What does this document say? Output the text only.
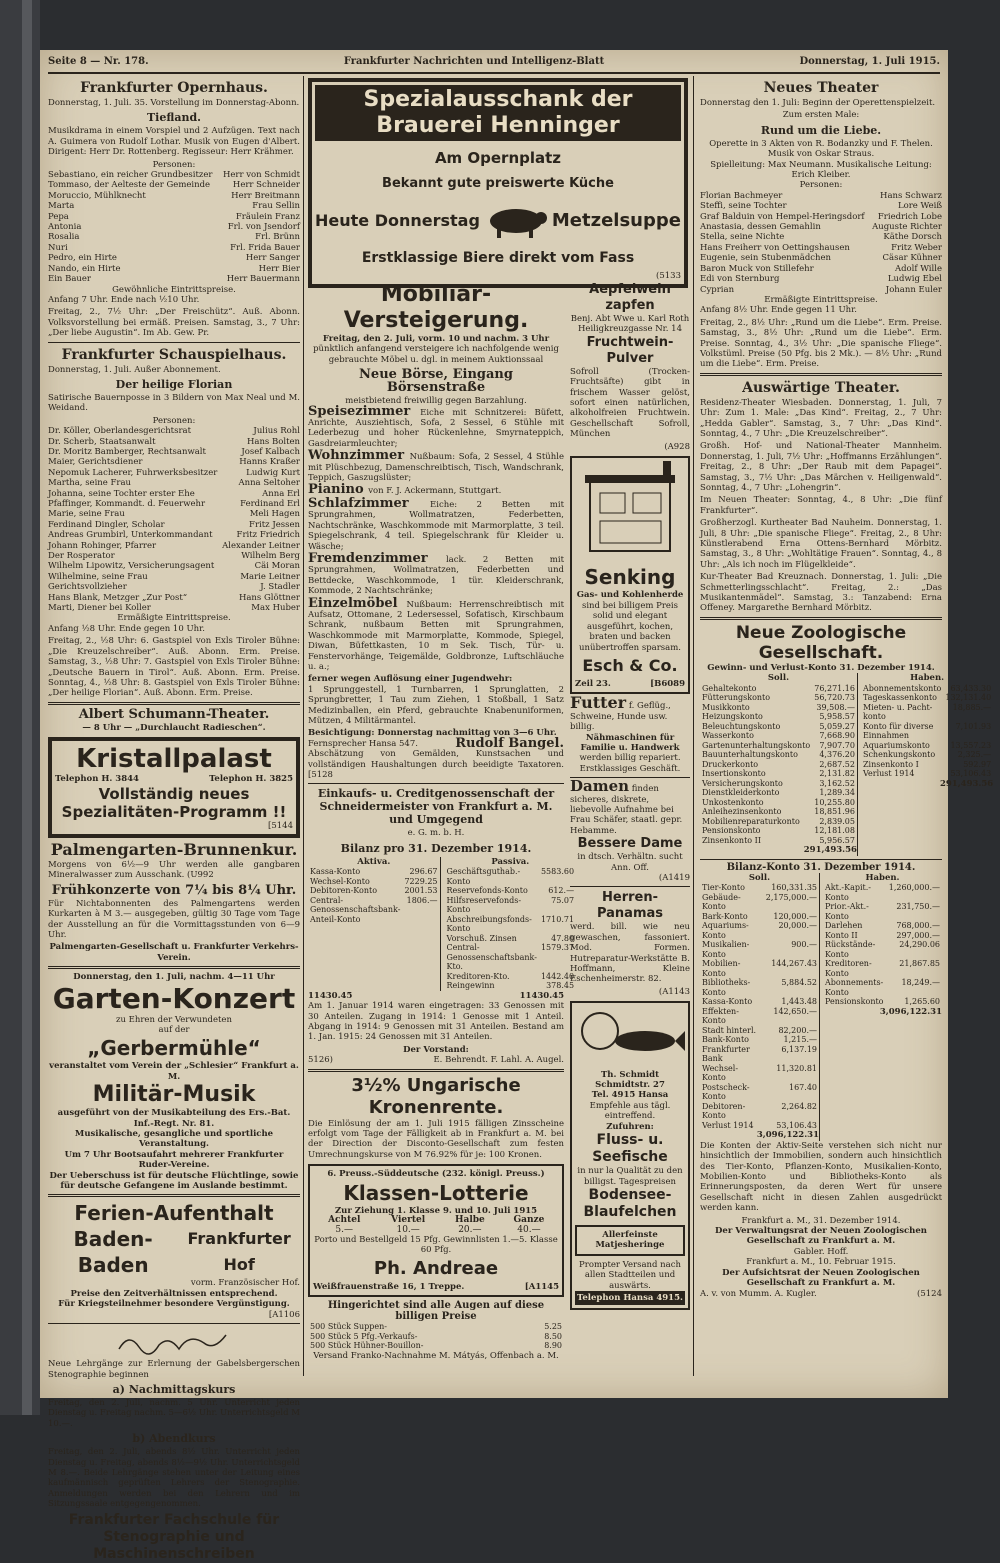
Seite 8 — Nr. 178.	Frankfurter Nachrichten und Intelligenz-Blatt	Donnerstag, 1. Juli 1915.
Frankfurter Opernhaus.
Donnerstag, 1. Juli. 35. Vorstellung im Donnerstag-Abonn.
Tiefland.
Musikdrama in einem Vorspiel und 2 Aufzügen. Text nach A. Guimera von Rudolf Lothar. Musik von Eugen d'Albert. Dirigent: Herr Dr. Rottenberg. Regisseur: Herr Krähmer.
Personen:
Sebastiano, ein reicher Grundbesitzer Herr von Schmidt
Tommaso, der Aelteste der Gemeinde	Herr Schneider
Moruccio, Mühlknecht	Herr Breitmann
Marta	Frau Sellin
Pepa	Fräulein Franz
Antonia	Frl. von Jsendorf
Rosalia	Frl. Brünn
Nuri	Frl. Frida Bauer
Pedro, ein Hirte	Herr Sanger
Nando, ein Hirte	Herr Bier
Ein Bauer	Herr Bauermann
Gewöhnliche Eintrittspreise.
Anfang 7 Uhr. Ende nach ½10 Uhr.
Freitag, 2., 7½ Uhr: „Der Freischütz“. Auß. Abonn. Volksvorstellung bei ermäß. Preisen. Samstag, 3., 7 Uhr: „Der liebe Augustin“. Im Ab. Gew. Pr.
Frankfurter Schauspielhaus.
Donnerstag, 1. Juli. Außer Abonnement.
Der heilige Florian
Satirische Bauernposse in 3 Bildern von Max Neal und M. Weidand.
Personen:
Dr. Köller, Oberlandesgerichtsrat	Julius Rohl
Dr. Scherb, Staatsanwalt	Hans Bolten
Dr. Moritz Bamberger, Rechtsanwalt	Josef Kalbach
Maier, Gerichtsdiener	Hanns Kraßer
Nepomuk Lacherer, Fuhrwerksbesitzer	Ludwig Kurt
Martha, seine Frau	Anna Seltoher
Johanna, seine Tochter erster Ehe	Anna Erl
Pfaffinger, Kommandt. d. Feuerwehr	Ferdinand Erl
Marie, seine Frau	Meli Hagen
Ferdinand Dingler, Scholar	Fritz Jessen
Andreas Grumbirl, Unterkommandant	Fritz Friedrich
Johann Rohinger, Pfarrer	Alexander Leitner
Der Rosperator	Wilhelm Berg
Wilhelm Lipowitz, Versicherungsagent	Cäi Moran
Wilhelmine, seine Frau	Marie Leitner
Gerichtsvollzieher	J. Stadler
Hans Blank, Metzger „Zur Post“	Hans Glöttner
Marti, Diener bei Koller	Max Huber
Ermäßigte Eintrittspreise.
Anfang ½8 Uhr. Ende gegen 10 Uhr.
Freitag, 2., ½8 Uhr: 6. Gastspiel von Exls Tiroler Bühne: „Die Kreuzelschreiber“. Auß. Abonn. Erm. Preise. Samstag, 3., ½8 Uhr: 7. Gastspiel von Exls Tiroler Bühne: „Deutsche Bauern in Tirol“. Auß. Abonn. Erm. Preise. Sonntag, 4., ½8 Uhr: 8. Gastspiel von Exls Tiroler Bühne: „Der heilige Florian“. Auß. Abonn. Erm. Preise.
Albert Schumann-Theater.
— 8 Uhr — „Durchlaucht Radieschen“.
Kristallpalast
Telephon H. 3844	Telephon H. 3825
Vollständig neues
Spezialitäten-Programm !!
[5144
Palmengarten-Brunnenkur.
Morgens von 6½—9 Uhr werden alle gangbaren Mineralwasser zum Ausschank. (U992
Frühkonzerte von 7¼ bis 8¼ Uhr.
Für Nichtabonnenten des Palmengartens werden Kurkarten à M 3.— ausgegeben, gültig 30 Tage vom Tage der Ausstellung an für die Vormittagsstunden von 6—9 Uhr.
Palmengarten-Gesellschaft u. Frankfurter Verkehrs-Verein.
Donnerstag, den 1. Juli, nachm. 4—11 Uhr
Garten-Konzert
zu Ehren der Verwundeten
auf der
„Gerbermühle“
veranstaltet vom Verein der „Schlesier“ Frankfurt a. M.
Militär-Musik
ausgeführt von der Musikabteilung des Ers.-Bat. Inf.-Regt. Nr. 81.
Musikalische, gesangliche und sportliche Veranstaltung.
Um 7 Uhr Bootsaufahrt mehrerer Frankfurter Ruder-Vereine.
Der Ueberschuss ist für deutsche Flüchtlinge, sowie für deutsche Gefangene im Auslande bestimmt.
Ferien-Aufenthalt
Baden-Baden
Frankfurter Hof
vorm. Französischer Hof.
Preise den Zeitverhältnissen entsprechend.
Für Kriegsteilnehmer besondere Vergünstigung.
[A1106
Neue Lehrgänge zur Erlernung der Gabelsbergerschen Stenographie beginnen
a) Nachmittagskurs
Freitag, den 2. Juli, nachm. 5 Uhr. Unterricht jeden Dienstag u. Freitag nachm. 5—6½ Uhr. Unterrichtsgeld M 10.—.
b) Abendkurs
Freitag, den 2. Juli, abends 8½ Uhr. Unterricht jeden Dienstag u. Freitag, abends 8½—9½ Uhr. Unterrichtsgeld M 8.—. Beide Lehrgänge stehen unter der Leitung eines kaufmännisch geprüften Lehrers der Stenographie. Anmeldungen werden bei den Lehrern und im Sitzungssaale entgegengenommen.
Frankfurter Fachschule für Stenographie und Maschinenschreiben
Spezialausschank der Brauerei Henninger
Am Opernplatz
Bekannt gute preiswerte Küche
Heute Donnerstag	Metzelsuppe
Erstklassige Biere direkt vom Fass
(5133
Mobiliar-Versteigerung.
Freitag, den 2. Juli, vorm. 10 und nachm. 3 Uhr
pünktlich anfangend versteigere ich nachfolgende wenig gebrauchte Möbel u. dgl. in meinem Auktionssaal
Neue Börse, Eingang Börsenstraße
meistbietend freiwillig gegen Barzahlung.
Speisezimmer Eiche mit Schnitzerei: Büfett, Anrichte, Ausziehtisch, Sofa, 2 Sessel, 6 Stühle mit Lederbezug und hoher Rückenlehne, Smyrnateppich, Gasdreiarmleuchter;
Wohnzimmer Nußbaum: Sofa, 2 Sessel, 4 Stühle mit Plüschbezug, Damenschreibtisch, Tisch, Wandschrank, Teppich, Gaszugslüster;
Pianino von F. J. Ackermann, Stuttgart.
Schlafzimmer Eiche: 2 Betten mit Sprungrahmen, Wollmatratzen, Federbetten, Nachtschränke, Waschkommode mit Marmorplatte, 3 teil. Spiegelschrank, 4 teil. Spiegelschrank für Kleider u. Wäsche;
Fremdenzimmer lack. 2 Betten mit Sprungrahmen, Wollmatratzen, Federbetten und Bettdecke, Waschkommode, 1 tür. Kleiderschrank, Kommode, 2 Nachtschränke;
Einzelmöbel Nußbaum: Herrenschreibtisch mit Aufsatz, Ottomane, 2 Ledersessel, Sofatisch, Kirschbaum Schrank, nußbaum Betten mit Sprungrahmen, Waschkommode mit Marmorplatte, Kommode, Spiegel, Diwan, Büfettkasten, 10 m Sek. Tisch, Tür- u. Fenstervorhänge, Teigemälde, Goldbronze, Luftschläuche u. a.;
ferner wegen Auflösung einer Jugendwehr:
1 Sprunggestell, 1 Turnbarren, 1 Sprunglatten, 2 Sprungbretter, 1 Tau zum Ziehen, 1 Stoßball, 1 Satz Medizinballen, ein Pferd, gebrauchte Knabenuniformen, Mützen, 4 Militärmantel.
Besichtigung: Donnerstag nachmittag von 3—6 Uhr.
Fernsprecher Hansa 547.	Rudolf Bangel.
Abschätzung von Gemälden, Kunstsachen und vollständigen Haushaltungen durch beeidigte Taxatoren. [5128
Einkaufs- u. Creditgenossenschaft der Schneidermeister von Frankfurt a. M. und Umgegend
e. G. m. b. H.
Bilanz pro 31. Dezember 1914.
Aktiva.
Kassa-Konto	296.67
Wechsel-Konto	7229.25
Debitoren-Konto	2001.53
Central-Genossenschaftsbank-Anteil-Konto	1806.—
Passiva.
Geschäftsguthab.-Konto	5583.60
Reservefonds-Konto	612.—
Hilfsreservefonds-Konto	75.07
Abschreibungsfonds-Konto	1710.71
Vorschuß. Zinsen	47.80
Central-Genossenschaftsbank-Kto.	1579.37
Kreditoren-Kto.	1442.40
Reingewinn	378.45
11430.45	11430.45
Am 1. Januar 1914 waren eingetragen: 33 Genossen mit 30 Anteilen. Zugang in 1914: 1 Genosse mit 1 Anteil. Abgang in 1914: 9 Genossen mit 31 Anteilen. Bestand am 1. Jan. 1915: 24 Genossen mit 31 Anteilen.
Der Vorstand:
5126)	E. Behrendt. F. Lahl. A. Augel.
3½% Ungarische Kronenrente.
Die Einlösung der am 1. Juli 1915 fälligen Zinsscheine erfolgt vom Tage der Fälligkeit ab in Frankfurt a. M. bei der Direction der Disconto-Gesellschaft zum festen Umrechnungskurse von M 76.92% für je: 100 Kronen.
6. Preuss.-Süddeutsche (232. königl. Preuss.)
Klassen-Lotterie
Zur Ziehung 1. Klasse 9. und 10. Juli 1915
Achtel	Viertel	Halbe	Ganze
5.—	10.—	20.—	40.—
Porto und Bestellgeld 15 Pfg. Gewinnlisten 1.—5. Klasse 60 Pfg.
Ph. Andreae
Weißfrauenstraße 16, 1 Treppe.	[A1145
Hingerichtet sind alle Augen auf diese billigen Preise
500 Stück Suppen-	5.25
500 Stück 5 Pfg.-Verkaufs-	8.50
500 Stück Hühner-Bouillon-	8.90
Versand Franko-Nachnahme M. Mátyás, Offenbach a. M.
Aepfelwein zapfen
Benj. Abt Wwe u. Karl Roth Heiligkreuzgasse Nr. 14
Fruchtwein-Pulver
Sofroll (Trocken-Fruchtsäfte) gibt in frischem Wasser gelöst, sofort einen natürlichen, alkoholfreien Fruchtwein. Geschellschaft Sofroll, München
(A928
Senking
Gas- und Kohlenherde
sind bei billigem Preis solid und elegant ausgeführt, kochen, braten und backen unübertroffen sparsam.
Esch & Co.
Zeil 23.	[B6089
Futter f. Geflüg., Schweine, Hunde usw. billig.
Nähmaschinen für Familie u. Handwerk
werden billig repariert. Erstklassiges Geschäft.
Damen finden sicheres, diskrete, liebevolle Aufnahme bei Frau Schäfer, staatl. gepr. Hebamme.
Bessere Dame
in dtsch. Verhältn. sucht Ann. Off.
(A1419
Herren-Panamas
werd. bill. wie neu gewaschen, fassoniert. Mod. Formen. Hutreparatur-Werkstätte B. Hoffmann, Kleine Eschenheimerstr. 82.
(A1143
Th. Schmidt Schmidtstr. 27
Tel. 4915 Hansa
Empfehle aus tägl. eintreffend.
Zufuhren:
Fluss- u. Seefische
in nur la Qualität zu den billigst. Tagespreisen
Bodensee-Blaufelchen
Allerfeinste Matjesheringe
Prompter Versand nach allen Stadtteilen und auswärts.
Telephon Hansa 4915.
Neues Theater
Donnerstag den 1. Juli: Beginn der Operettenspielzeit.
Zum ersten Male:
Rund um die Liebe.
Operette in 3 Akten von R. Bodanzky und F. Thelen. Musik von Oskar Straus.
Spielleitung: Max Neumann. Musikalische Leitung: Erich Kleiber.
Personen:
Florian Bachmeyer	Hans Schwarz
Steffi, seine Tochter	Lore Weiß
Graf Balduin von Hempel-Heringsdorf Friedrich Lobe
Anastasia, dessen Gemahlin	Auguste Richter
Stella, seine Nichte	Käthe Dorsch
Hans Freiherr von Oettingshausen	Fritz Weber
Eugenie, sein Stubenmädchen	Cäsar Kühner
Baron Muck von Stillefehr	Adolf Wille
Edi von Sternburg	Ludwig Ebel
Cyprian	Johann Euler
Ermäßigte Eintrittspreise.
Anfang 8½ Uhr. Ende gegen 11 Uhr.
Freitag, 2., 8½ Uhr: „Rund um die Liebe“. Erm. Preise. Samstag, 3., 8½ Uhr: „Rund um die Liebe“. Erm. Preise. Sonntag, 4., 3½ Uhr: „Die spanische Fliege“. Volkstüml. Preise (50 Pfg. bis 2 Mk.). — 8½ Uhr: „Rund um die Liebe“. Erm. Preise.
Auswärtige Theater.
Residenz-Theater Wiesbaden. Donnerstag, 1. Juli, 7 Uhr: Zum 1. Male: „Das Kind“. Freitag, 2., 7 Uhr: „Hedda Gabler“. Samstag, 3., 7 Uhr: „Das Kind“. Sonntag, 4., 7 Uhr: „Die Kreuzelschreiber“.
Großh. Hof- und National-Theater Mannheim. Donnerstag, 1. Juli, 7½ Uhr: „Hoffmanns Erzählungen“. Freitag, 2., 8 Uhr: „Der Raub mit dem Papagei“. Samstag, 3., 7½ Uhr: „Das Märchen v. Heiligenwald“. Sonntag, 4., 7 Uhr: „Lohengrin“.
Im Neuen Theater: Sonntag, 4., 8 Uhr: „Die fünf Frankfurter“.
Großherzogl. Kurtheater Bad Nauheim. Donnerstag, 1. Juli, 8 Uhr: „Die spanische Fliege“. Freitag, 2., 8 Uhr: Künstlerabend Erna Ottens-Bernhard Mörbitz. Samstag, 3., 8 Uhr: „Wohltätige Frauen“. Sonntag, 4., 8 Uhr: „Als ich noch im Flügelkleide“.
Kur-Theater Bad Kreuznach. Donnerstag, 1. Juli: „Die Schmetterlingsschlacht“. Freitag, 2.: „Das Musikantenmädel“. Samstag, 3.: Tanzabend: Erna Offeney. Margarethe Bernhard Mörbitz.
Neue Zoologische Gesellschaft.
Gewinn- und Verlust-Konto 31. Dezember 1914.
Soll.
Gehaltekonto	76,271.16
Fütterungskonto	56,720.73
Musikkonto	39,508.—
Heizungskonto	5,958.57
Beleuchtungskonto	5,059.27
Wasserkonto	7,668.90
Gartenunterhaltungskonto	7,907.70
Bauunterhaltungskonto	4,376.20
Druckerkonto	2,687.52
Insertionskonto	2,131.82
Versicherungskonto	3,162.52
Dienstkleiderkonto	1,289.34
Unkostenkonto	10,255.80
Anleihezinsenkonto	18,851.96
Mobilienreparaturkonto	2,839.05
Pensionskonto	12,181.08
Zinsenkonto II	5,956.57
291,493.56
Haben.
Abonnementskonto	63,433.30
Tageskassenkonto	132,131.40
Mieten- u. Pacht-konto	18,885.—
Konto für diverse Einnahmen	7,101.93
Aquariumskonto	13,557.23
Schenkungskonto	2,325.—
Zinsenkonto I	592.97
Verlust 1914	53,106.43
291,493.56
Bilanz-Konto 31. Dezember 1914.
Soll.
Tier-Konto	160,331.35
Gebäude-Konto	2,175,000.—
Bark-Konto	120,000.—
Aquariums-Konto	20,000.—
Musikalien-Konto	900.—
Mobilien-Konto	144,267.43
Bibliotheks-Konto	5,884.52
Kassa-Konto	1,443.48
Effekten-Konto	142,650.—
Stadt hinterl.	82,200.—
Bank-Konto	1,215.—
Frankfurter Bank	6,137.19
Wechsel-Konto	11,320.81
Postscheck-Konto	167.40
Debitoren-Konto	2,264.82
Verlust 1914	53,106.43
3,096,122.31
Haben.
Akt.-Kapit.-Konto	1,260,000.—
Prior.-Akt.-Konto	231,750.—
Darlehen	768,000.—
Konto II	297,000.—
Rückstände-Konto	24,290.06
Kreditoren-Konto	21,867.85
Abonnements-Konto	18,249.—
Pensionskonto	1,265.60
3,096,122.31
Die Konten der Aktiv-Seite verstehen sich nicht nur hinsichtlich der Immobilien, sondern auch hinsichtlich des Tier-Konto, Pflanzen-Konto, Musikalien-Konto, Mobilien-Konto und Bibliotheks-Konto als Erinnerungsposten, da deren Wert für unsere Gesellschaft nicht in diesen Zahlen ausgedrückt werden kann.
Frankfurt a. M., 31. Dezember 1914.
Der Verwaltungsrat der Neuen Zoologischen Gesellschaft zu Frankfurt a. M.
Gabler. Hoff.
Frankfurt a. M., 10. Februar 1915.
Der Aufsichtsrat der Neuen Zoologischen Gesellschaft zu Frankfurt a. M.
A. v. von Mumm. A. Kugler.	(5124
